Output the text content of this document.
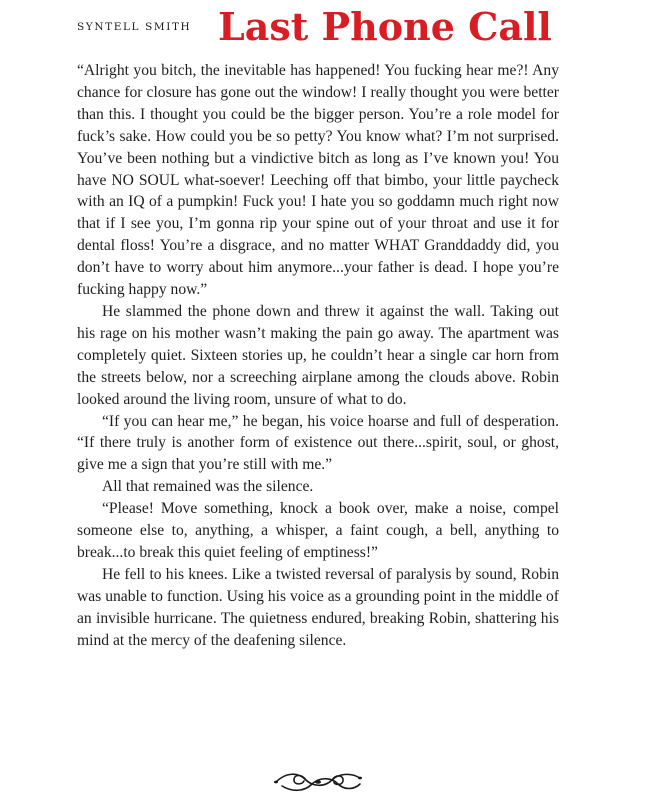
SYNTELL SMITH Last Phone Call

“Alright you bitch, the inevitable has happened! You fucking hear me?! Any chance for closure has gone out the window! I really thought you were better than this. I thought you could be the bigger person. You’re a role model for fuck’s sake. How could you be so petty? You know what? I’m not surprised. You’ve been nothing but a vindictive bitch as long as I’ve known you! You have NO SOUL what-soever! Leeching off that bimbo, your little paycheck with an IQ of a pumpkin! Fuck you! I hate you so goddamn much right now that if I see you, I’m gonna rip your spine out of your throat and use it for dental floss! You’re a disgrace, and no matter WHAT Granddaddy did, you don’t have to worry about him anymore...your father is dead. I hope you’re fucking happy now.”

He slammed the phone down and threw it against the wall. Taking out his rage on his mother wasn’t making the pain go away. The apartment was completely quiet. Sixteen stories up, he couldn’t hear a single car horn from the streets below, nor a screeching airplane among the clouds above. Robin looked around the living room, unsure of what to do.

“If you can hear me,” he began, his voice hoarse and full of desperation. “If there truly is another form of existence out there...spirit, soul, or ghost, give me a sign that you’re still with me.”

All that remained was the silence.

“Please! Move something, knock a book over, make a noise, compel someone else to, anything, a whisper, a faint cough, a bell, anything to break...to break this quiet feeling of emptiness!”

He fell to his knees. Like a twisted reversal of paralysis by sound, Robin was unable to function. Using his voice as a grounding point in the middle of an invisible hurricane. The quietness endured, breaking Robin, shattering his mind at the mercy of the deafening silence.
